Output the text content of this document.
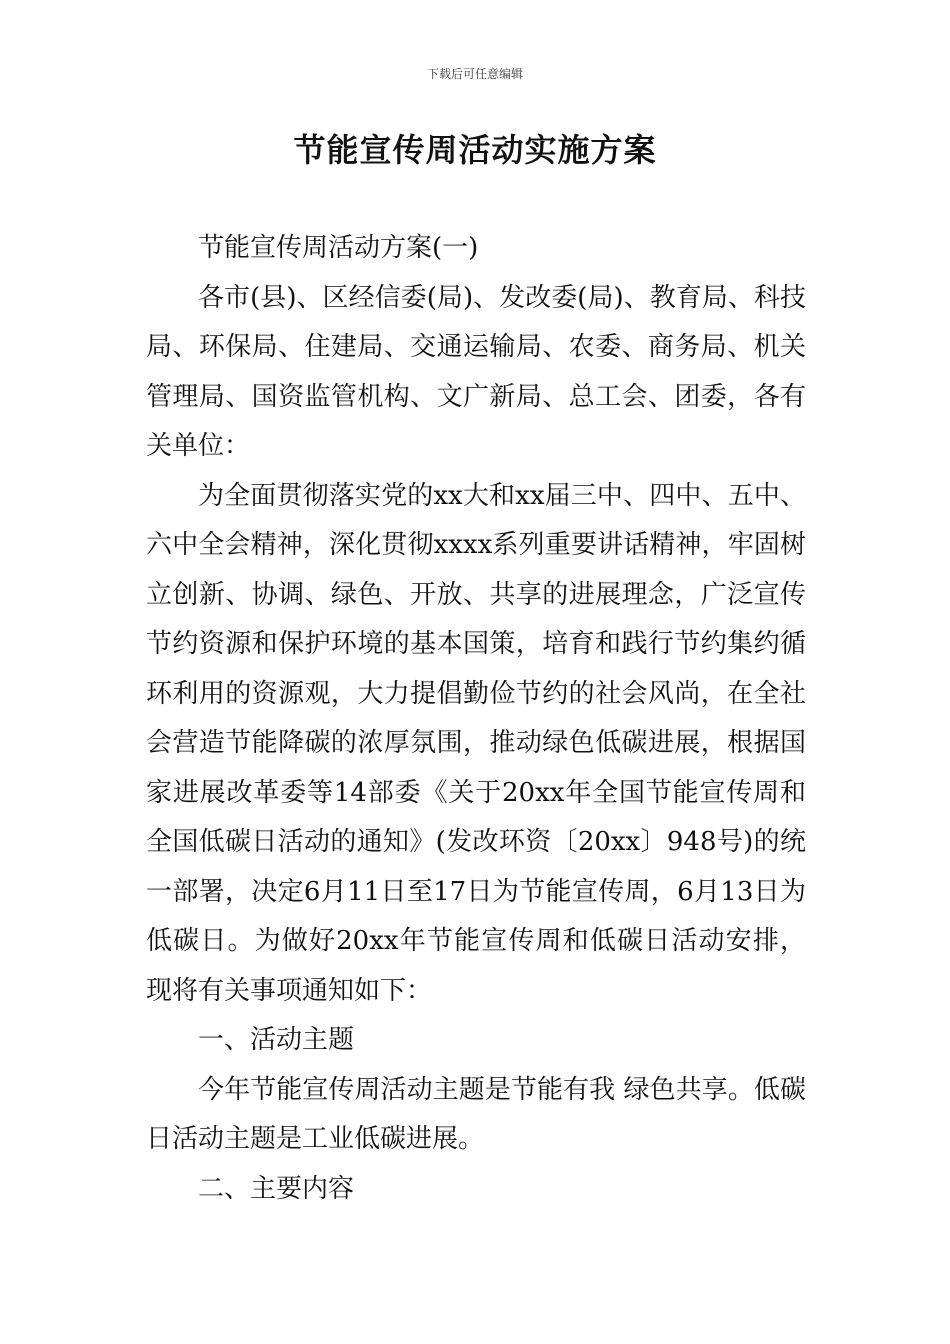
下载后可任意编辑
节能宣传周活动实施方案

节能宣传周活动方案(一)

各市(县)、区经信委(局)、发改委(局)、教育局、科技局、环保局、住建局、交通运输局、农委、商务局、机关管理局、国资监管机构、文广新局、总工会、团委，各有关单位：

为全面贯彻落实党的xx大和xx届三中、四中、五中、六中全会精神，深化贯彻xxxx系列重要讲话精神，牢固树立创新、协调、绿色、开放、共享的进展理念，广泛宣传节约资源和保护环境的基本国策，培育和践行节约集约循环利用的资源观，大力提倡勤俭节约的社会风尚，在全社会营造节能降碳的浓厚氛围，推动绿色低碳进展，根据国家进展改革委等14部委《关于20xx年全国节能宣传周和全国低碳日活动的通知》(发改环资〔20xx〕948号)的统一部署，决定6月11日至17日为节能宣传周，6月13日为低碳日。为做好20xx年节能宣传周和低碳日活动安排，现将有关事项通知如下：

一、活动主题

今年节能宣传周活动主题是节能有我 绿色共享。低碳日活动主题是工业低碳进展。

二、主要内容
